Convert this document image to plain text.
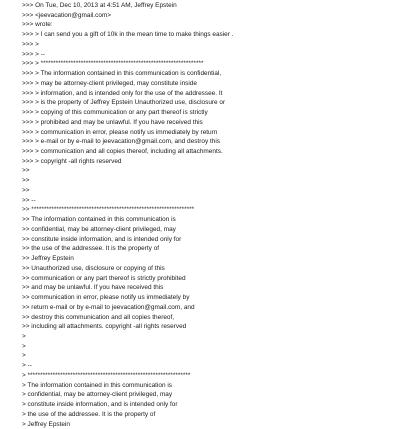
>>> On Tue, Dec 10, 2013 at 4:51 AM, Jeffrey Epstein
>>> <jeevacation@gmail.com>
>>> wrote:
>>> > I can send you a gift of 10k in the mean time to make things easier .
>>> >
>>> > --
>>> > *****************************************************************
>>> > The information contained in this communication is confidential,
>>> > may be attorney-client privileged, may constitute inside
>>> > information, and is intended only for the use of the addressee. It
>>> > is the property of Jeffrey Epstein Unauthorized use, disclosure or
>>> > copying of this communication or any part thereof is strictly
>>> > prohibited and may be unlawful. If you have received this
>>> > communication in error, please notify us immediately by return
>>> > e-mail or by e-mail to jeevacation@gmail.com, and destroy this
>>> > communication and all copies thereof, including all attachments.
>>> > copyright -all rights reserved
>>
>>
>>
>> --
>> *****************************************************************
>> The information contained in this communication is
>> confidential, may be attorney-client privileged, may
>> constitute inside information, and is intended only for
>> the use of the addressee. It is the property of
>> Jeffrey Epstein
>> Unauthorized use, disclosure or copying of this
>> communication or any part thereof is strictly prohibited
>> and may be unlawful. If you have received this
>> communication in error, please notify us immediately by
>> return e-mail or by e-mail to jeevacation@gmail.com, and
>> destroy this communication and all copies thereof,
>> including all attachments. copyright -all rights reserved
>
>
>
> --
> *****************************************************************
> The information contained in this communication is
> confidential, may be attorney-client privileged, may
> constitute inside information, and is intended only for
> the use of the addressee. It is the property of
> Jeffrey Epstein
